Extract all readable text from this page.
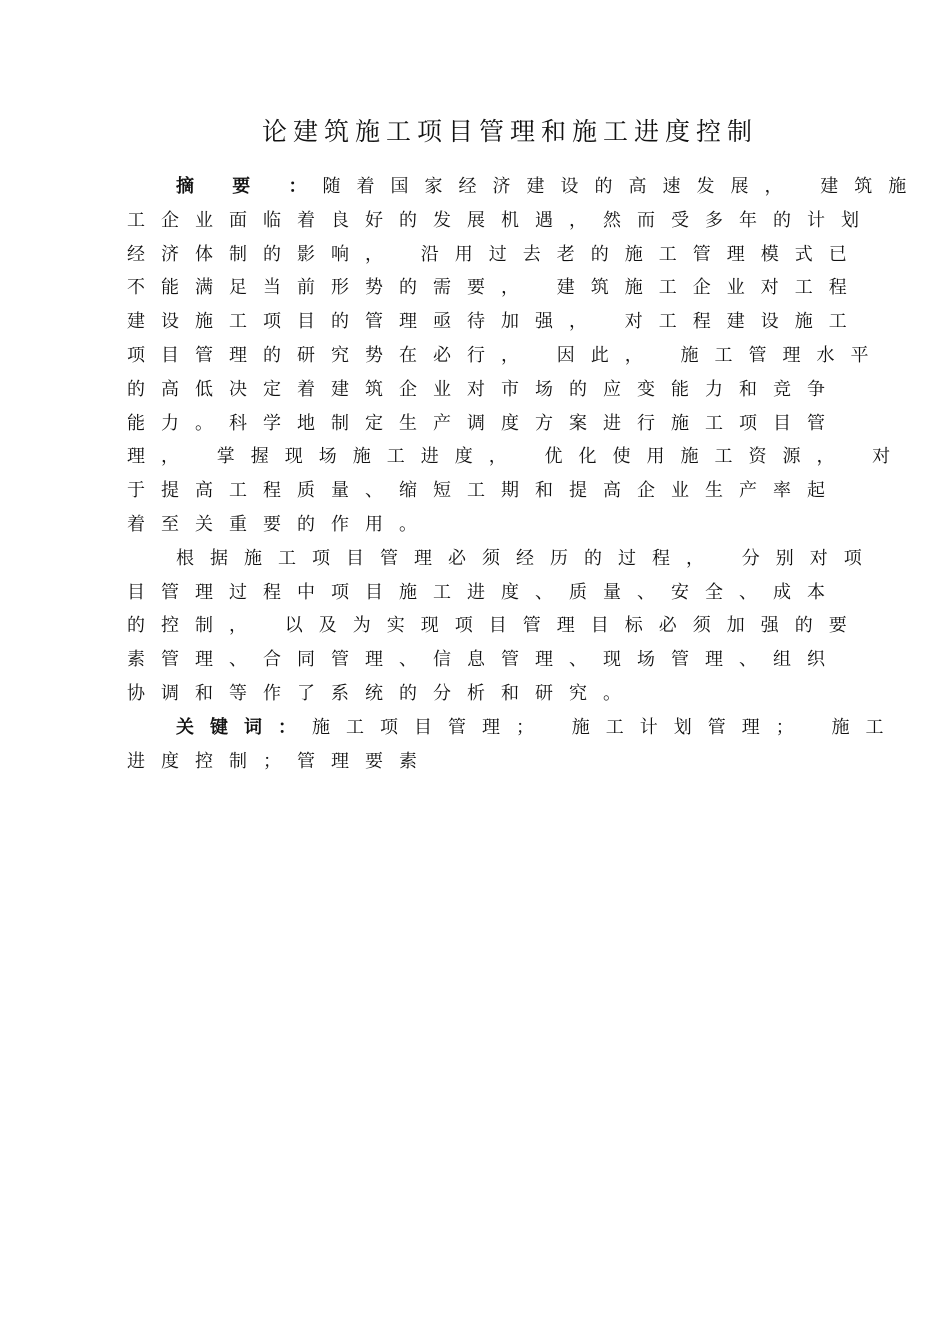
论建筑施工项目管理和施工进度控制
摘 要 ：随着国家经济建设的高速发展， 建筑施
工企业面临着良好的发展机遇，然而受多年的计划
经济体制的影响， 沿用过去老的施工管理模式已
不能满足当前形势的需要， 建筑施工企业对工程
建设施工项目的管理亟待加强， 对工程建设施工
项目管理的研究势在必行， 因此， 施工管理水平
的高低决定着建筑企业对市场的应变能力和竞争
能力。科学地制定生产调度方案进行施工项目管
理， 掌握现场施工进度， 优化使用施工资源， 对
于提高工程质量、缩短工期和提高企业生产率起
着至关重要的作用。
根据施工项目管理必须经历的过程， 分别对项
目管理过程中项目施工进度、质量、安全、成本
的控制， 以及为实现项目管理目标必须加强的要
素管理、合同管理、信息管理、现场管理、组织
协调和等作了系统的分析和研究。
关键词：施工项目管理； 施工计划管理； 施工
进度控制；管理要素
